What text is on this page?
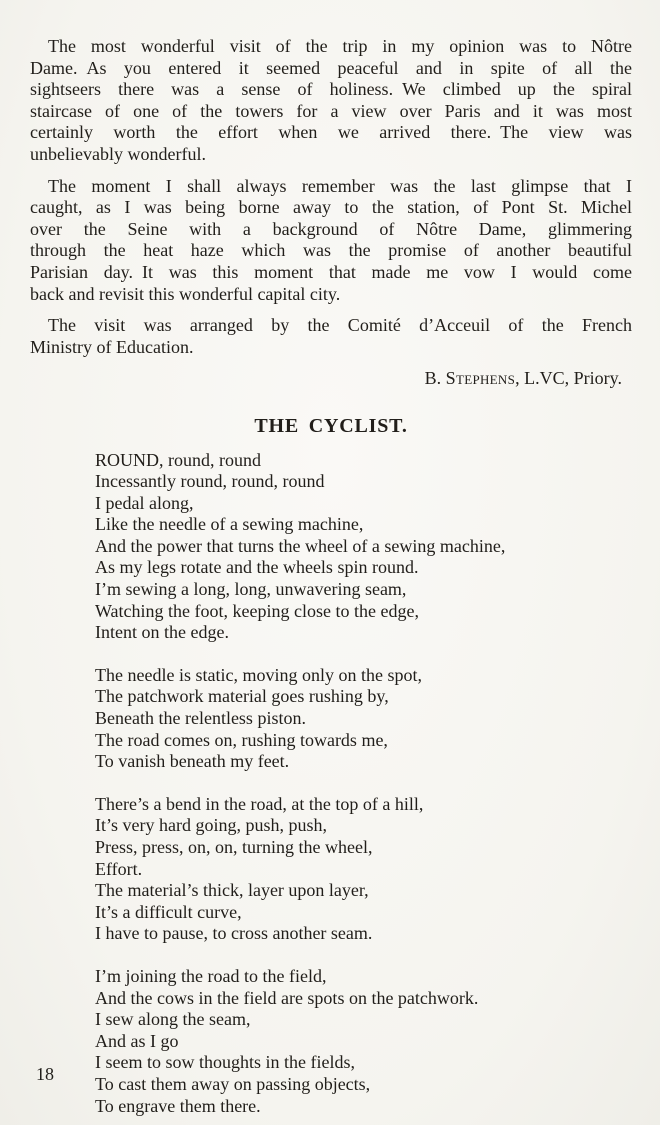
The most wonderful visit of the trip in my opinion was to Nôtre
Dame. As you entered it seemed peaceful and in spite of all the
sightseers there was a sense of holiness. We climbed up the spiral
staircase of one of the towers for a view over Paris and it was most
certainly worth the effort when we arrived there. The view was
unbelievably wonderful.
The moment I shall always remember was the last glimpse that I
caught, as I was being borne away to the station, of Pont St. Michel
over the Seine with a background of Nôtre Dame, glimmering
through the heat haze which was the promise of another beautiful
Parisian day. It was this moment that made me vow I would come
back and revisit this wonderful capital city.
The visit was arranged by the Comité d’Acceuil of the French
Ministry of Education.
B. Stephens, L.VC, Priory.
THE CYCLIST.
ROUND, round, round
Incessantly round, round, round
I pedal along,
Like the needle of a sewing machine,
And the power that turns the wheel of a sewing machine,
As my legs rotate and the wheels spin round.
I’m sewing a long, long, unwavering seam,
Watching the foot, keeping close to the edge,
Intent on the edge.
The needle is static, moving only on the spot,
The patchwork material goes rushing by,
Beneath the relentless piston.
The road comes on, rushing towards me,
To vanish beneath my feet.
There’s a bend in the road, at the top of a hill,
It’s very hard going, push, push,
Press, press, on, on, turning the wheel,
Effort.
The material’s thick, layer upon layer,
It’s a difficult curve,
I have to pause, to cross another seam.
I’m joining the road to the field,
And the cows in the field are spots on the patchwork.
I sew along the seam,
And as I go
I seem to sow thoughts in the fields,
To cast them away on passing objects,
To engrave them there.
18
